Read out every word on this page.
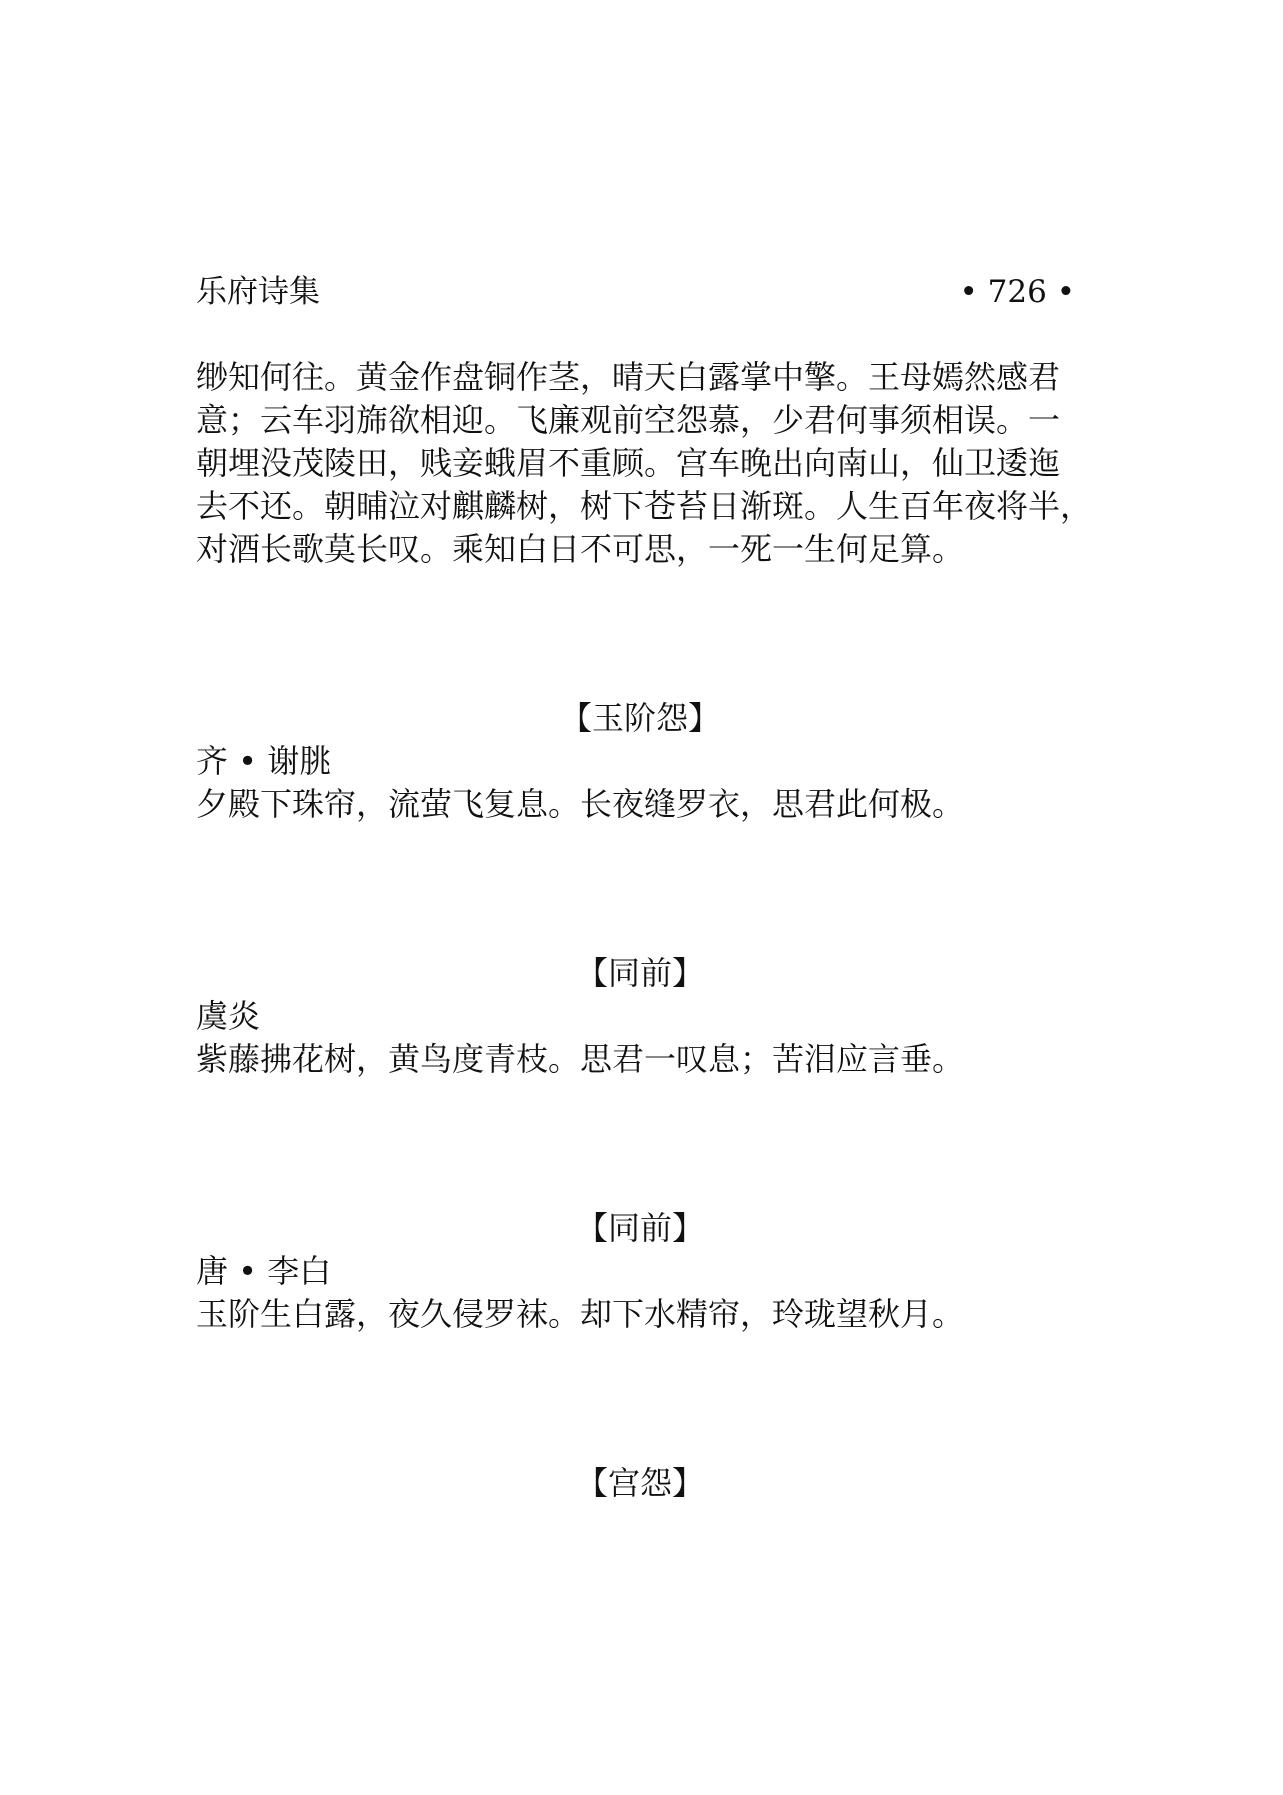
乐府诗集	• 726 •
缈知何往。黄金作盘铜作茎，晴天白露掌中擎。王母嫣然感君
意；云车羽旆欲相迎。飞廉观前空怨慕，少君何事须相误。一
朝埋没茂陵田，贱妾蛾眉不重顾。宫车晚出向南山，仙卫逶迤
去不还。朝晡泣对麒麟树，树下苍苔日渐斑。人生百年夜将半，
对酒长歌莫长叹。乘知白日不可思，一死一生何足算。
【玉阶怨】
齐 • 谢朓
夕殿下珠帘，流萤飞复息。长夜缝罗衣，思君此何极。
【同前】
虞炎
紫藤拂花树，黄鸟度青枝。思君一叹息；苦泪应言垂。
【同前】
唐 • 李白
玉阶生白露，夜久侵罗袜。却下水精帘，玲珑望秋月。
【宫怨】
